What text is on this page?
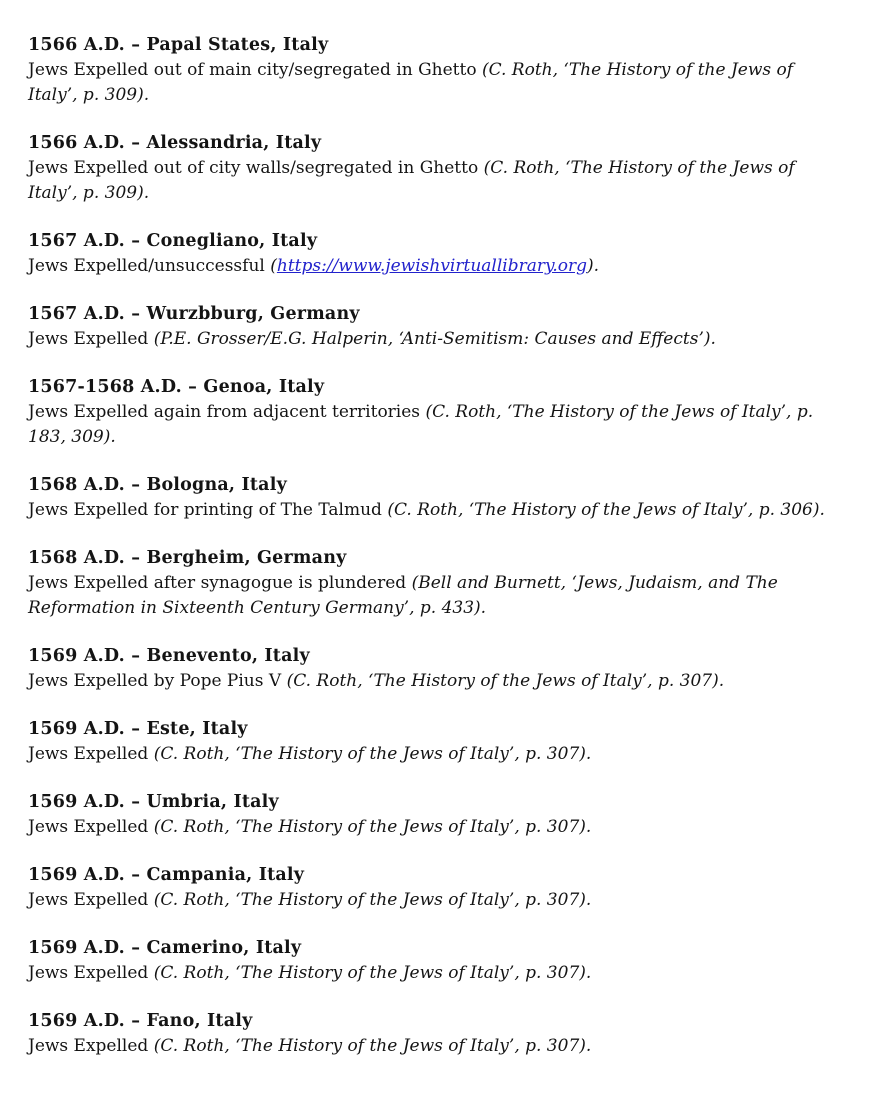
1566 A.D. – Papal States, Italy

Jews Expelled out of main city/segregated in Ghetto (C. Roth, ‘The History of the Jews of Italy’, p. 309).

1566 A.D. – Alessandria, Italy

Jews Expelled out of city walls/segregated in Ghetto (C. Roth, ‘The History of the Jews of Italy’, p. 309).

1567 A.D. – Conegliano, Italy

Jews Expelled/unsuccessful (https://www.jewishvirtuallibrary.org).

1567 A.D. – Wurzbburg, Germany

Jews Expelled (P.E. Grosser/E.G. Halperin, ‘Anti-Semitism: Causes and Effects’).

1567-1568 A.D. – Genoa, Italy

Jews Expelled again from adjacent territories (C. Roth, ‘The History of the Jews of Italy’, p. 183, 309).

1568 A.D. – Bologna, Italy

Jews Expelled for printing of The Talmud (C. Roth, ‘The History of the Jews of Italy’, p. 306).

1568 A.D. – Bergheim, Germany

Jews Expelled after synagogue is plundered (Bell and Burnett, ‘Jews, Judaism, and The Reformation in Sixteenth Century Germany’, p. 433).

1569 A.D. – Benevento, Italy

Jews Expelled by Pope Pius V (C. Roth, ‘The History of the Jews of Italy’, p. 307).

1569 A.D. – Este, Italy

Jews Expelled (C. Roth, ‘The History of the Jews of Italy’, p. 307).

1569 A.D. – Umbria, Italy

Jews Expelled (C. Roth, ‘The History of the Jews of Italy’, p. 307).

1569 A.D. – Campania, Italy

Jews Expelled (C. Roth, ‘The History of the Jews of Italy’, p. 307).

1569 A.D. – Camerino, Italy

Jews Expelled (C. Roth, ‘The History of the Jews of Italy’, p. 307).

1569 A.D. – Fano, Italy

Jews Expelled (C. Roth, ‘The History of the Jews of Italy’, p. 307).
